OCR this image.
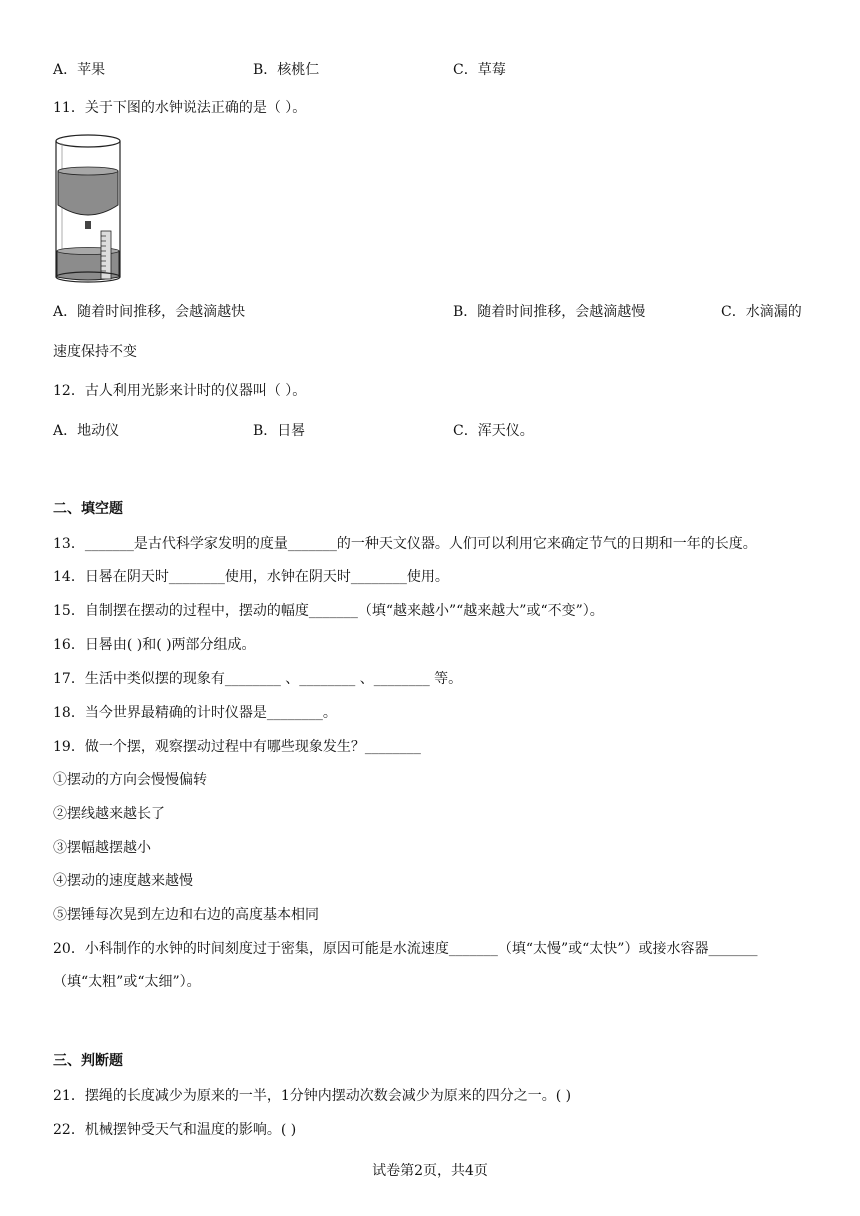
A．苹果	B．核桃仁	C．草莓
11．关于下图的水钟说法正确的是（ ）。
A．随着时间推移，会越滴越快	B．随着时间推移，会越滴越慢	C．水滴漏的
速度保持不变
12．古人利用光影来计时的仪器叫（ ）。
A．地动仪	B．日晷	C．浑天仪。
二、填空题
13．_______是古代科学家发明的度量_______的一种天文仪器。人们可以利用它来确定节气的日期和一年的长度。
14．日晷在阴天时________使用，水钟在阴天时________使用。
15．自制摆在摆动的过程中，摆动的幅度_______（填“越来越小”“越来越大”或“不变”）。
16．日晷由( )和( )两部分组成。
17．生活中类似摆的现象有________ 、________ 、________ 等。
18．当今世界最精确的计时仪器是________。
19．做一个摆，观察摆动过程中有哪些现象发生？________
①摆动的方向会慢慢偏转
②摆线越来越长了
③摆幅越摆越小
④摆动的速度越来越慢
⑤摆锤每次晃到左边和右边的高度基本相同
20．小科制作的水钟的时间刻度过于密集，原因可能是水流速度_______（填“太慢”或“太快”）或接水容器_______
（填“太粗”或“太细”）。
三、判断题
21．摆绳的长度减少为原来的一半，1分钟内摆动次数会减少为原来的四分之一。( )
22．机械摆钟受天气和温度的影响。( )
试卷第2页，共4页
